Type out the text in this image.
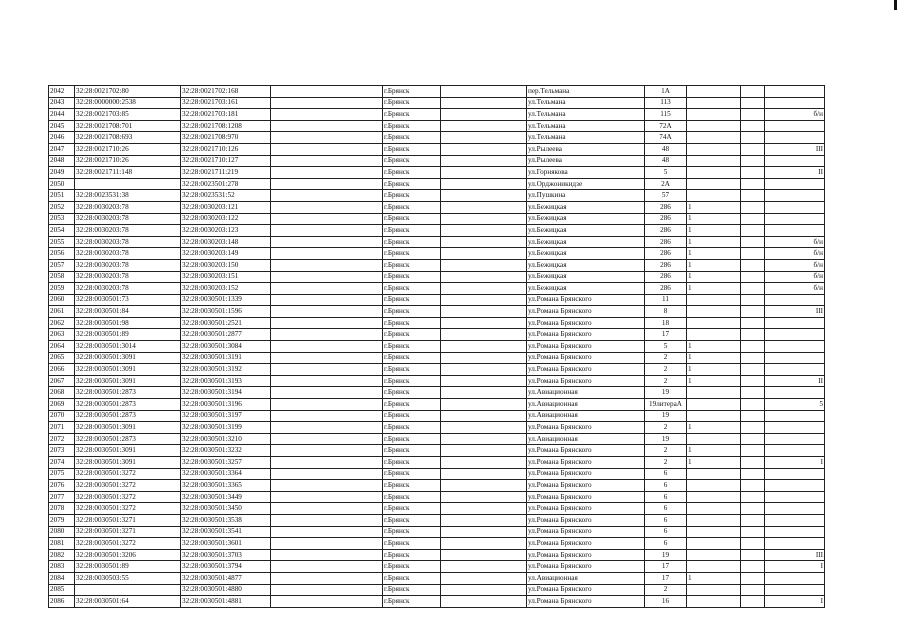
2042	32:28:0021702:80	32:28:0021702:168		г.Брянск		пер.Тельмана	1А			
2043	32:28:0000000:2538	32:28:0021703:161		г.Брянск		ул.Тельмана	113			
2044	32:28:0021703:85	32:28:0021703:181		г.Брянск		ул.Тельмана	115			б/н
2045	32:28:0021708:701	32:28:0021708:1208		г.Брянск		ул.Тельмана	72А			
2046	32:28:0021708:693	32:28:0021708:970		г.Брянск		ул.Тельмана	74А			
2047	32:28:0021710:26	32:28:0021710:126		г.Брянск		ул.Рылеева	48			III
2048	32:28:0021710:26	32:28:0021710:127		г.Брянск		ул.Рылеева	48			
2049	32:28:0021711:148	32:28:0021711:219		г.Брянск		ул.Горнякова	5			II
2050		32:28:0023501:278		г.Брянск		ул.Орджоникидзе	2А			
2051	32:28:0023531:38	32:28:0023531:52		г.Брянск		ул.Пушкина	57			
2052	32:28:0030203:78	32:28:0030203:121		г.Брянск		ул.Бежицкая	286	1		
2053	32:28:0030203:78	32:28:0030203:122		г.Брянск		ул.Бежицкая	286	1		
2054	32:28:0030203:78	32:28:0030203:123		г.Брянск		ул.Бежицкая	286	1		
2055	32:28:0030203:78	32:28:0030203:148		г.Брянск		ул.Бежицкая	286	1		б/н
2056	32:28:0030203:78	32:28:0030203:149		г.Брянск		ул.Бежицкая	286	1		б/н
2057	32:28:0030203:78	32:28:0030203:150		г.Брянск		ул.Бежицкая	286	1		б/н
2058	32:28:0030203:78	32:28:0030203:151		г.Брянск		ул.Бежицкая	286	1		б/н
2059	32:28:0030203:78	32:28:0030203:152		г.Брянск		ул.Бежицкая	286	1		б/н
2060	32:28:0030501:73	32:28:0030501:1339		г.Брянск		ул.Романа Брянского	11			
2061	32:28:0030501:84	32:28:0030501:1596		г.Брянск		ул.Романа Брянского	8			III
2062	32:28:0030501:98	32:28:0030501:2521		г.Брянск		ул.Романа Брянского	18			
2063	32:28:0030501:89	32:28:0030501:2877		г.Брянск		ул.Романа Брянского	17			
2064	32:28:0030501:3014	32:28:0030501:3084		г.Брянск		ул.Романа Брянского	5	1		
2065	32:28:0030501:3091	32:28:0030501:3191		г.Брянск		ул.Романа Брянского	2	1		
2066	32:28:0030501:3091	32:28:0030501:3192		г.Брянск		ул.Романа Брянского	2	1		
2067	32:28:0030501:3091	32:28:0030501:3193		г.Брянск		ул.Романа Брянского	2	1		II
2068	32:28:0030501:2873	32:28:0030501:3194		г.Брянск		ул.Авиационная	19			
2069	32:28:0030501:2873	32:28:0030501:3196		г.Брянск		ул.Авиационная	19литераА			5
2070	32:28:0030501:2873	32:28:0030501:3197		г.Брянск		ул.Авиационная	19			
2071	32:28:0030501:3091	32:28:0030501:3199		г.Брянск		ул.Романа Брянского	2	1		
2072	32:28:0030501:2873	32:28:0030501:3210		г.Брянск		ул.Авиационная	19			
2073	32:28:0030501:3091	32:28:0030501:3232		г.Брянск		ул.Романа Брянского	2	1		
2074	32:28:0030501:3091	32:28:0030501:3257		г.Брянск		ул.Романа Брянского	2	1		I
2075	32:28:0030501:3272	32:28:0030501:3364		г.Брянск		ул.Романа Брянского	6			
2076	32:28:0030501:3272	32:28:0030501:3365		г.Брянск		ул.Романа Брянского	6			
2077	32:28:0030501:3272	32:28:0030501:3449		г.Брянск		ул.Романа Брянского	6			
2078	32:28:0030501:3272	32:28:0030501:3450		г.Брянск		ул.Романа Брянского	6			
2079	32:28:0030501:3271	32:28:0030501:3538		г.Брянск		ул.Романа Брянского	6			
2080	32:28:0030501:3271	32:28:0030501:3541		г.Брянск		ул.Романа Брянского	6			
2081	32:28:0030501:3272	32:28:0030501:3601		г.Брянск		ул.Романа Брянского	6			
2082	32:28:0030501:3206	32:28:0030501:3703		г.Брянск		ул.Романа Брянского	19			III
2083	32:28:0030501:89	32:28:0030501:3794		г.Брянск		ул.Романа Брянского	17			I
2084	32:28:0030503:55	32:28:0030501:4877		г.Брянск		ул.Авиационная	17	1		
2085		32:28:0030501:4880		г.Брянск		ул.Романа Брянского	2			
2086	32:28:0030501:64	32:28:0030501:4881		г.Брянск		ул.Романа Брянского	16			I
